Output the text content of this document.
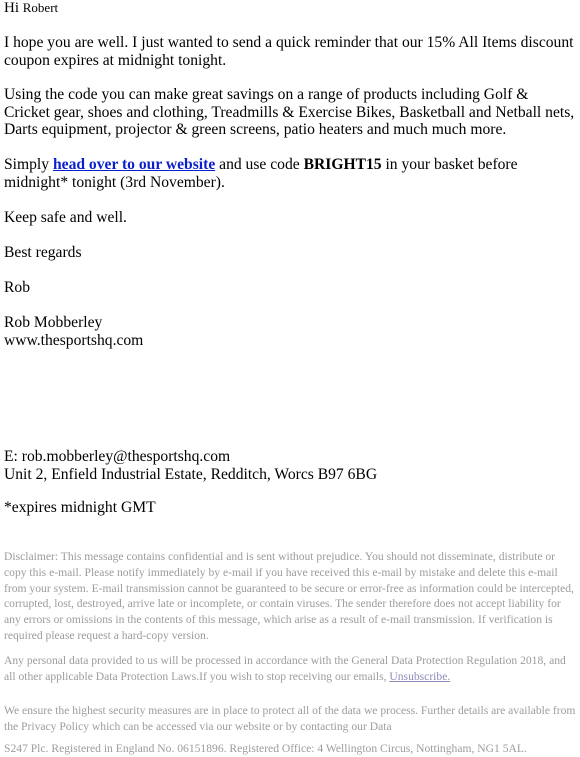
Hi Robert
I hope you are well. I just wanted to send a quick reminder that our 15% All Items discount coupon expires at midnight tonight.
Using the code you can make great savings on a range of products including Golf & Cricket gear, shoes and clothing, Treadmills & Exercise Bikes, Basketball and Netball nets, Darts equipment, projector & green screens, patio heaters and much much more.
Simply head over to our website and use code BRIGHT15 in your basket before midnight* tonight (3rd November).
Keep safe and well.
Best regards
Rob
Rob Mobberley
www.thesportshq.com
E: rob.mobberley@thesportshq.com
Unit 2, Enfield Industrial Estate, Redditch, Worcs B97 6BG
*expires midnight GMT
Disclaimer: This message contains confidential and is sent without prejudice. You should not disseminate, distribute or copy this e-mail. Please notify immediately by e-mail if you have received this e-mail by mistake and delete this e-mail from your system. E-mail transmission cannot be guaranteed to be secure or error-free as information could be intercepted, corrupted, lost, destroyed, arrive late or incomplete, or contain viruses. The sender therefore does not accept liability for any errors or omissions in the contents of this message, which arise as a result of e-mail transmission. If verification is required please request a hard-copy version.
Any personal data provided to us will be processed in accordance with the General Data Protection Regulation 2018, and all other applicable Data Protection Laws.If you wish to stop receiving our emails, Unsubscribe.
We ensure the highest security measures are in place to protect all of the data we process. Further details are available from the Privacy Policy which can be accessed via our website or by contacting our Data
S247 Plc. Registered in England No. 06151896. Registered Office: 4 Wellington Circus, Nottingham, NG1 5AL.
